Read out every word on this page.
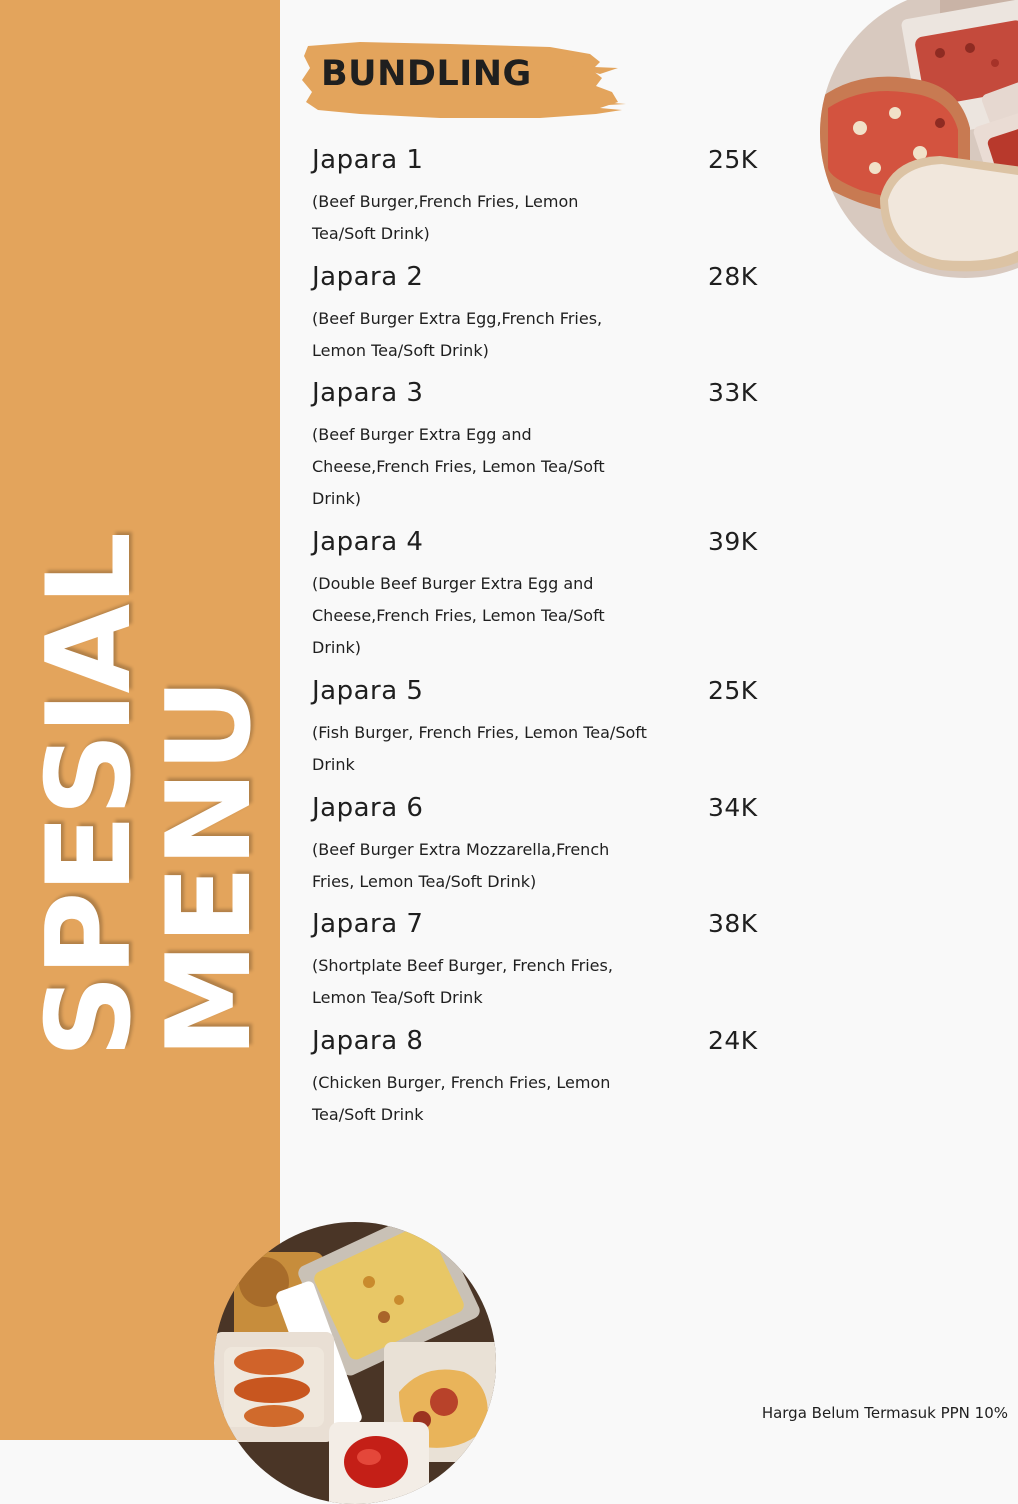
SPESIAL
MENU
BUNDLING
Japara 1	25K
(Beef Burger,French Fries, Lemon Tea/Soft Drink)
Japara 2	28K
(Beef Burger Extra Egg,French Fries, Lemon Tea/Soft Drink)
Japara 3	33K
(Beef Burger Extra Egg and Cheese,French Fries, Lemon Tea/Soft Drink)
Japara 4	39K
(Double Beef Burger Extra Egg and Cheese,French Fries, Lemon Tea/Soft Drink)
Japara 5	25K
(Fish Burger, French Fries, Lemon Tea/Soft Drink
Japara 6	34K
(Beef Burger Extra Mozzarella,French Fries, Lemon Tea/Soft Drink)
Japara 7	38K
(Shortplate Beef Burger, French Fries, Lemon Tea/Soft Drink
Japara 8	24K
(Chicken Burger, French Fries, Lemon Tea/Soft Drink
Harga Belum Termasuk PPN 10%
